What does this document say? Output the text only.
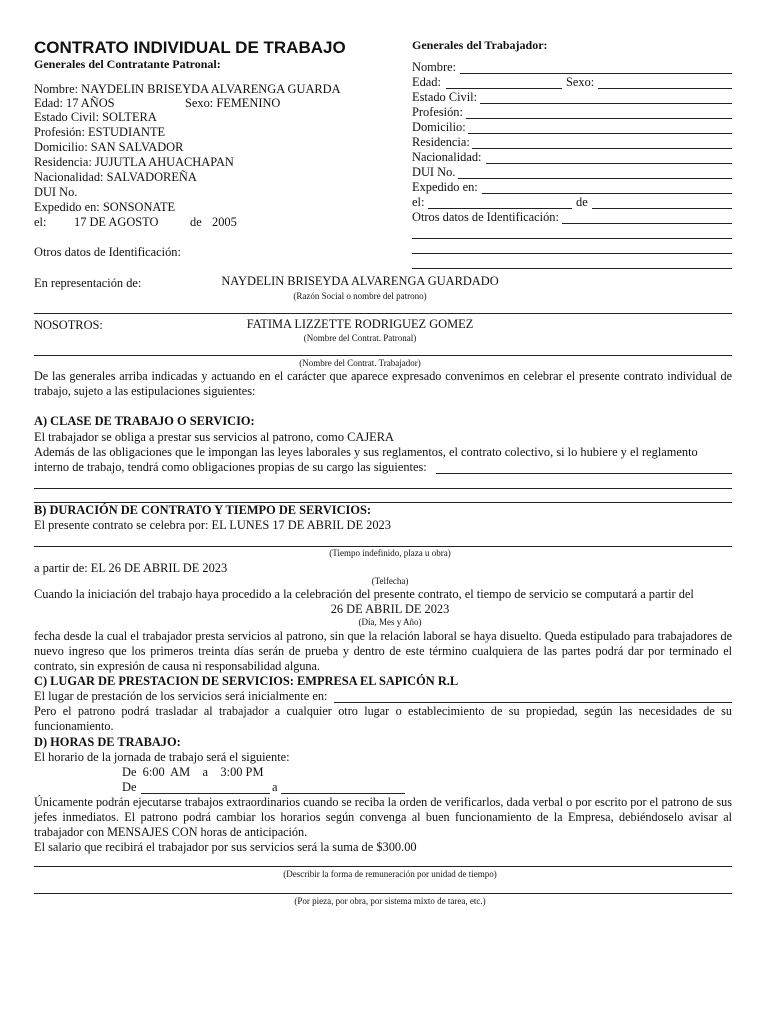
CONTRATO INDIVIDUAL DE TRABAJO
Generales del Contratante Patronal:
Nombre: NAYDELIN BRISEYDA ALVARENGA GUARDA
Edad: 17 AÑOS	Sexo: FEMENINO
Estado Civil: SOLTERA
Profesión: ESTUDIANTE
Domicilio: SAN SALVADOR
Residencia: JUJUTLA AHUACHAPAN
Nacionalidad: SALVADOREÑA
DUI No.
Expedido en: SONSONATE
el: 17 DE AGOSTO	de 2005
Otros datos de Identificación:
Generales del Trabajador:
Nombre:
Edad:	Sexo:
Estado Civil:
Profesión:
Domicilio:
Residencia:
Nacionalidad:
DUI No.
Expedido en:
el:	de
Otros datos de Identificación:
En representación de:	NAYDELIN BRISEYDA ALVARENGA GUARDADO
(Razón Social o nombre del patrono)
NOSOTROS:	FATIMA LIZZETTE RODRIGUEZ GOMEZ
(Nombre del Contrat. Patronal)
(Nombre del Contrat. Trabajador)
De las generales arriba indicadas y actuando en el carácter que aparece expresado convenimos en celebrar el presente contrato individual de trabajo, sujeto a las estipulaciones siguientes:
A) CLASE DE TRABAJO O SERVICIO:
El trabajador se obliga a prestar sus servicios al patrono, como CAJERA
Además de las obligaciones que le impongan las leyes laborales y sus reglamentos, el contrato colectivo, si lo hubiere y el reglamento
interno de trabajo, tendrá como obligaciones propias de su cargo las siguientes:
B) DURACIÓN DE CONTRATO Y TIEMPO DE SERVICIOS:
El presente contrato se celebra por: EL LUNES 17 DE ABRIL DE 2023
(Tiempo indefinido, plaza u obra)
a partir de: EL 26 DE ABRIL DE 2023
(Telfecha)
Cuando la iniciación del trabajo haya procedido a la celebración del presente contrato, el tiempo de servicio se computará a partir del
26 DE ABRIL DE 2023
(Día, Mes y Año)
fecha desde la cual el trabajador presta servicios al patrono, sin que la relación laboral se haya disuelto. Queda estipulado para trabajadores de nuevo ingreso que los primeros treinta días serán de prueba y dentro de este término cualquiera de las partes podrá dar por terminado el contrato, sin expresión de causa ni responsabilidad alguna.
C) LUGAR DE PRESTACION DE SERVICIOS: EMPRESA EL SAPICÓN R.L
El lugar de prestación de los servicios será inicialmente en:
Pero el patrono podrá trasladar al trabajador a cualquier otro lugar o establecimiento de su propiedad, según las necesidades de su funcionamiento.
D) HORAS DE TRABAJO:
El horario de la jornada de trabajo será el siguiente:
De  6:00  AM    a    3:00 PM
De	a
Únicamente podrán ejecutarse trabajos extraordinarios cuando se reciba la orden de verificarlos, dada verbal o por escrito por el patrono de sus jefes inmediatos. El patrono podrá cambiar los horarios según convenga al buen funcionamiento de la Empresa, debiéndoselo avisar al trabajador con MENSAJES CON horas de anticipación.
El salario que recibirá el trabajador por sus servicios será la suma de $300.00
(Describir la forma de remuneración por unidad de tiempo)
(Por pieza, por obra, por sistema mixto de tarea, etc.)
